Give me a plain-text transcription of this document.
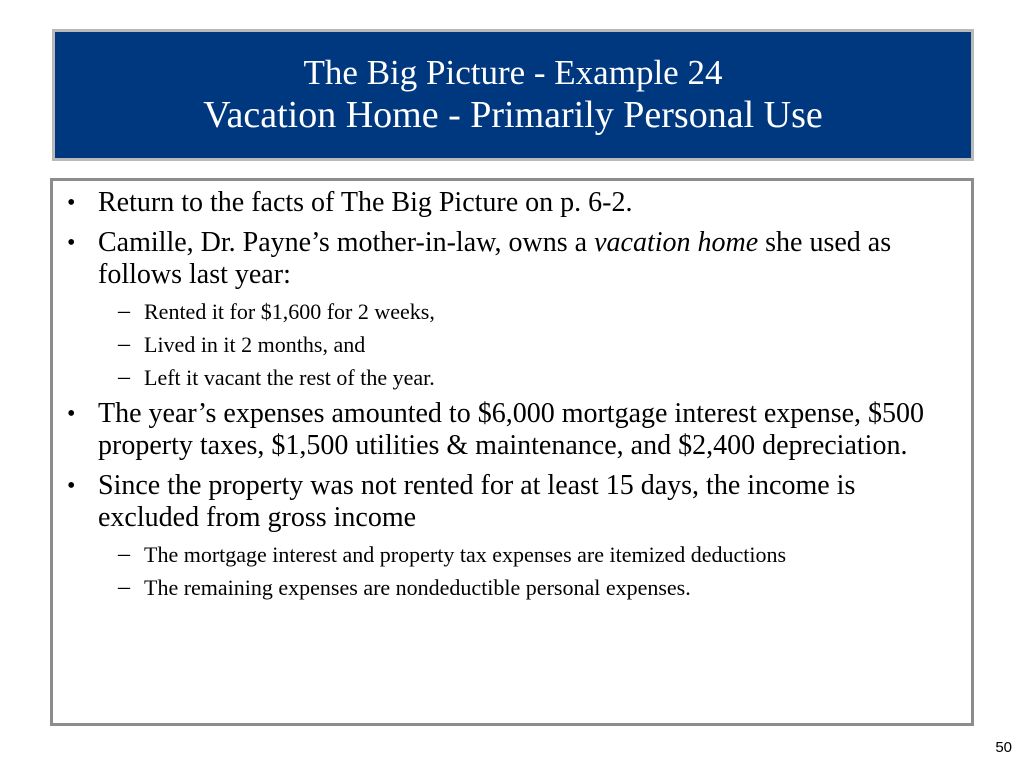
The Big Picture - Example 24
Vacation Home - Primarily Personal Use
• Return to the facts of The Big Picture on p. 6-2.
• Camille, Dr. Payne’s mother-in-law, owns a vacation home she used as follows last year:
– Rented it for $1,600 for 2 weeks,
– Lived in it 2 months, and
– Left it vacant the rest of the year.
• The year’s expenses amounted to $6,000 mortgage interest expense, $500 property taxes, $1,500 utilities & maintenance, and $2,400 depreciation.
• Since the property was not rented for at least 15 days, the income is excluded from gross income
– The mortgage interest and property tax expenses are itemized deductions
– The remaining expenses are nondeductible personal expenses.
50
